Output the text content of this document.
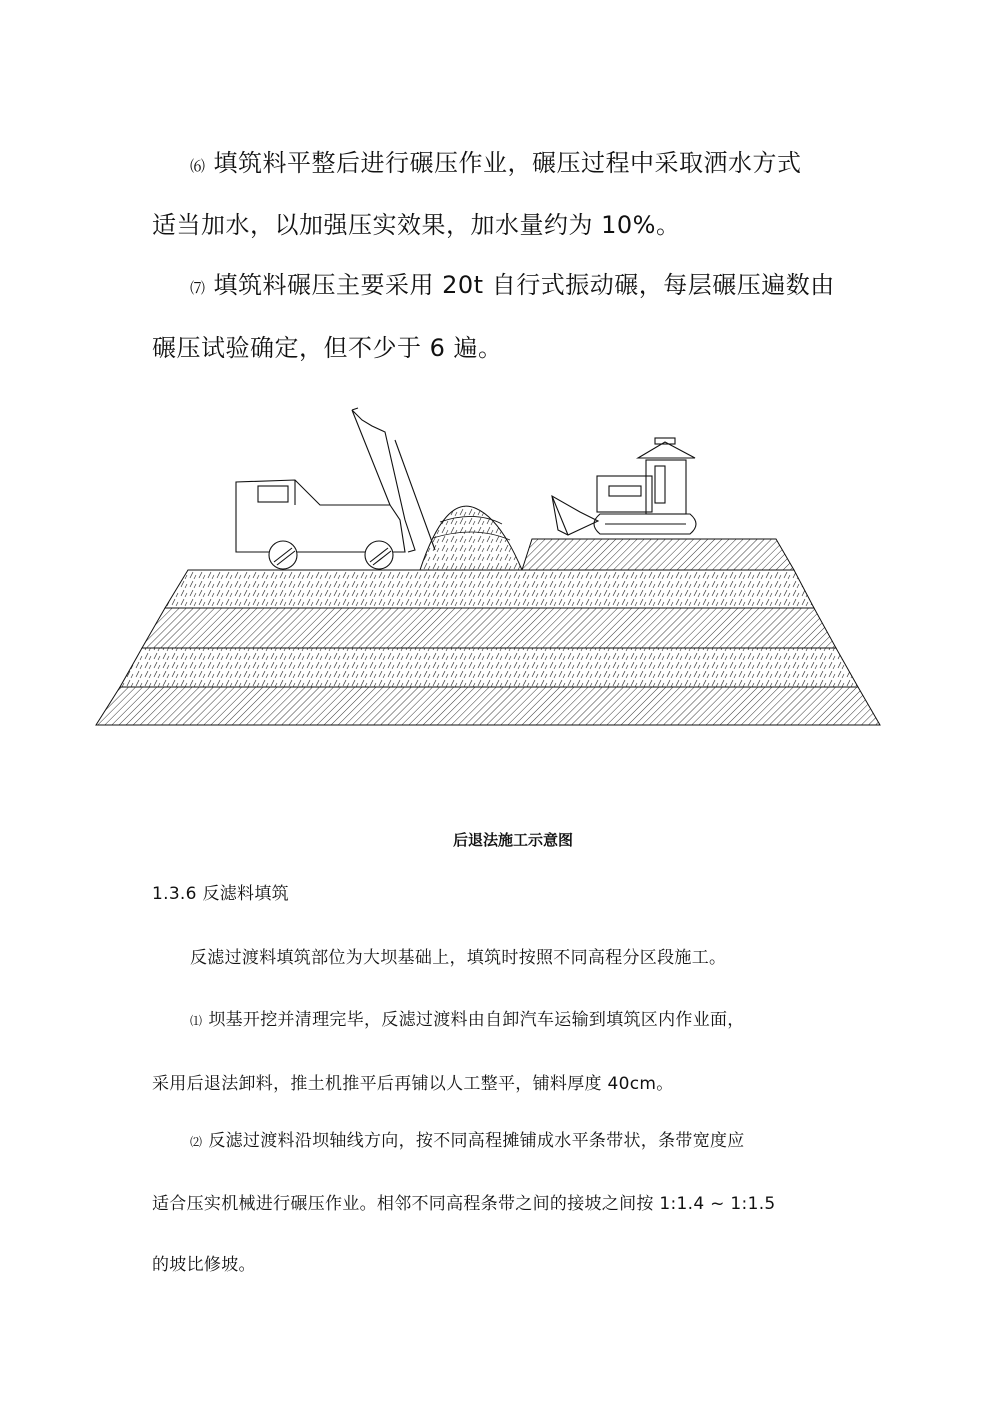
⑹ 填筑料平整后进行碾压作业，碾压过程中采取洒水方式

适当加水，以加强压实效果，加水量约为 10%。

⑺ 填筑料碾压主要采用 20t 自行式振动碾，每层碾压遍数由

碾压试验确定，但不少于 6 遍。

后退法施工示意图

1.3.6 反滤料填筑

反滤过渡料填筑部位为大坝基础上，填筑时按照不同高程分区段施工。

⑴ 坝基开挖并清理完毕，反滤过渡料由自卸汽车运输到填筑区内作业面，

采用后退法卸料，推土机推平后再铺以人工整平，铺料厚度 40cm。

⑵ 反滤过渡料沿坝轴线方向，按不同高程摊铺成水平条带状，条带宽度应

适合压实机械进行碾压作业。相邻不同高程条带之间的接坡之间按 1:1.4 ~ 1:1.5

的坡比修坡。
